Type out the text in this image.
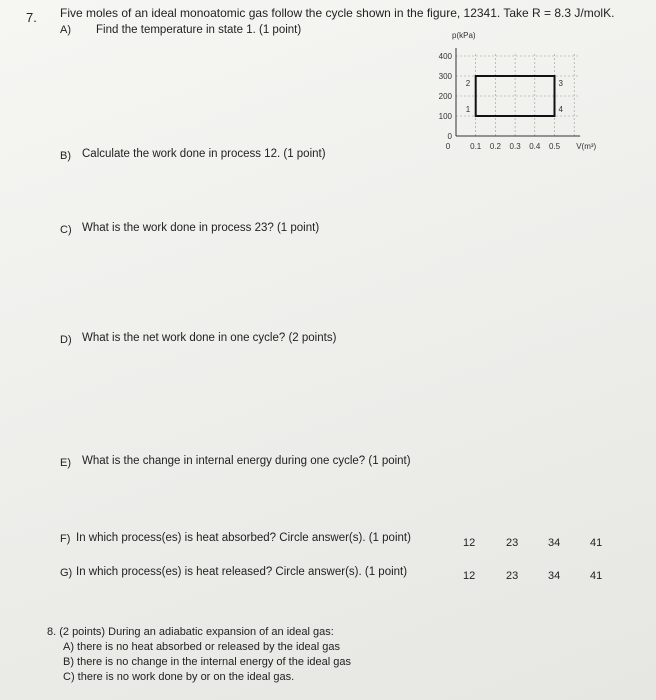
7. Five moles of an ideal monoatomic gas follow the cycle shown in the figure, 12341. Take R = 8.3 J/molK.
A) Find the temperature in state 1. (1 point)
B) Calculate the work done in process 12. (1 point)
C) What is the work done in process 23? (1 point)
D) What is the net work done in one cycle? (2 points)
E) What is the change in internal energy during one cycle? (1 point)
F) In which process(es) is heat absorbed? Circle answer(s). (1 point)	12	23	34	41
G) In which process(es) is heat released? Circle answer(s). (1 point)	12	23	34	41
8. (2 points) During an adiabatic expansion of an ideal gas:
A) there is no heat absorbed or released by the ideal gas
B) there is no change in the internal energy of the ideal gas
C) there is no work done by or on the ideal gas.
0
100
200
300
400
0 0.1 0.2 0.3 0.4 0.5
1
2	3
4
p(kPa)
V(m³)
